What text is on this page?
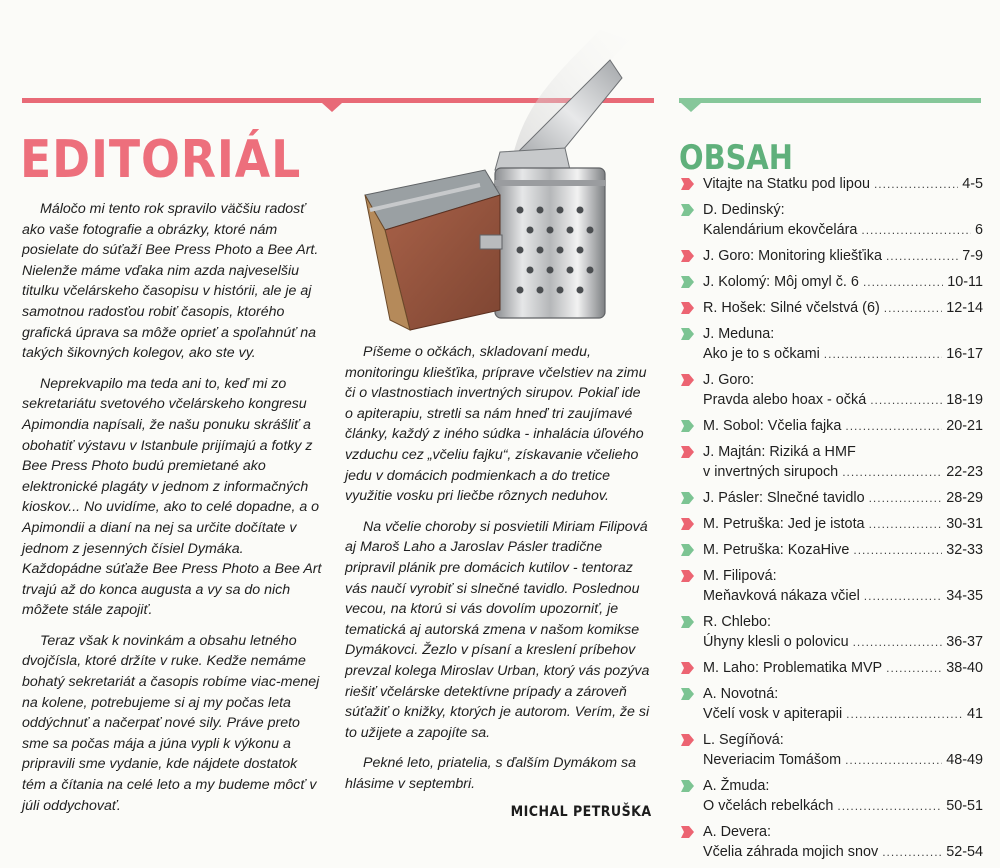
EDITORIÁL

Máločo mi tento rok spravilo väčšiu radosť ako vaše fotografie a obrázky, ktoré nám posielate do súťaží Bee Press Photo a Bee Art. Nielenže máme vďaka nim azda najveselšiu titulku včelárskeho časopisu v histórii, ale je aj samotnou radosťou robiť časopis, ktorého grafická úprava sa môže oprieť a spoľahnúť na takých šikovných kolegov, ako ste vy.

Neprekvapilo ma teda ani to, keď mi zo sekretariátu svetového včelárskeho kongresu Apimondia napísali, že našu ponuku skrášliť a obohatiť výstavu v Istanbule prijímajú a fotky z Bee Press Photo budú premietané ako elektronické plagáty v jednom z informačných kioskov... No uvidíme, ako to celé dopadne, a o Apimondii a dianí na nej sa určite dočítate v jednom z jesenných čísiel Dymáka. Každopádne súťaže Bee Press Photo a Bee Art trvajú až do konca augusta a vy sa do nich môžete stále zapojiť.

Teraz však k novinkám a obsahu letného dvojčísla, ktoré držíte v ruke. Kedže nemáme bohatý sekretariát a časopis robíme viac-menej na kolene, potrebujeme si aj my počas leta oddýchnuť a načerpať nové sily. Práve preto sme sa počas mája a júna vypli k výkonu a pripravili sme vydanie, kde nájdete dostatok tém a čítania na celé leto a my budeme môcť v júli oddychovať.

Píšeme o očkách, skladovaní medu, monitoringu kliešťika, príprave včelstiev na zimu či o vlastnostiach invertných sirupov. Pokiaľ ide o apiterapiu, stretli sa nám hneď tri zaujímavé články, každý z iného súdka - inhalácia úľového vzduchu cez „včeliu fajku“, získavanie včelieho jedu v domácich podmienkach a do tretice využitie vosku pri liečbe rôznych neduhov.

Na včelie choroby si posvietili Miriam Filipová aj Maroš Laho a Jaroslav Pásler tradične pripravil plánik pre domácich kutilov - tentoraz vás naučí vyrobiť si slnečné tavidlo. Poslednou vecou, na ktorú si vás dovolím upozorniť, je tematická aj autorská zmena v našom komikse Dymákovci. Žezlo v písaní a kreslení príbehov prevzal kolega Miroslav Urban, ktorý vás pozýva riešiť včelárske detektívne prípady a zároveň súťažiť o knižky, ktorých je autorom. Verím, že si to užijete a zapojíte sa.

Pekné leto, priatelia, s ďalším Dymákom sa hlásime v septembri.

MICHAL PETRUŠKA

OBSAH
Vitajte na Statku pod lipou .....	4-5
D. Dedinský:
Kalendárium ekovčelára .....	6
J. Goro: Monitoring kliešťika .....	7-9
J. Kolomý: Môj omyl č. 6 .....	10-11
R. Hošek: Silné včelstvá (6) .....	12-14
J. Meduna:
Ako je to s očkami .....	16-17
J. Goro:
Pravda alebo hoax - očká .....	18-19
M. Sobol: Včelia fajka .....	20-21
J. Majtán: Riziká a HMF
v invertných sirupoch .....	22-23
J. Pásler: Slnečné tavidlo .....	28-29
M. Petruška: Jed je istota .....	30-31
M. Petruška: KozaHive .....	32-33
M. Filipová:
Meňavková nákaza včiel .....	34-35
R. Chlebo:
Úhyny klesli o polovicu .....	36-37
M. Laho: Problematika MVP .....	38-40
A. Novotná:
Včelí vosk v apiterapii .....	41
L. Segíňová:
Neveriacim Tomášom .....	48-49
A. Žmuda:
O včelách rebelkách .....	50-51
A. Devera:
Včelia záhrada mojich snov .....	52-54
